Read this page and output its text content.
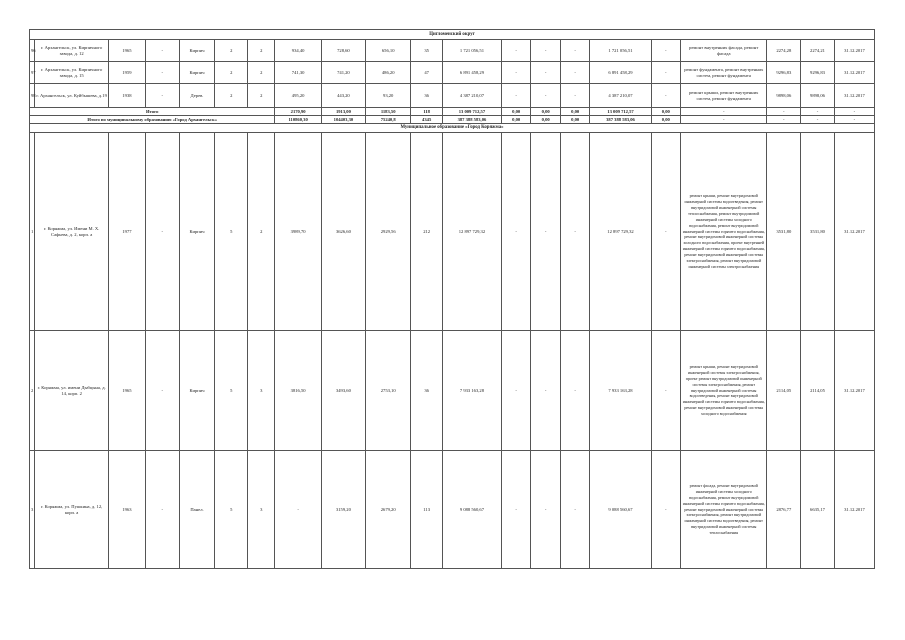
Цигломенский округ																				
96	г. Архангельск, ул. Кирпичного завода, д. 12	1965	-	Кирпич	2	2	934,40	728,60	656,10	35	1 721 056,51	-	-	-	1 721 056,51	-	ремонт внутренних фасада, ремонт фасада	2274,28	2274,21	31.12.2017
97	г. Архангельск, ул. Кирпичного завода, д. 15	1959	-	Кирпич	2	2	741,30	741,20	486,20	47	6 891 458,29	-	-	-	6 891 458,29	-	ремонт фундамента, ремонт внутренних систем, ремонт фундамента	9296,83	9296,83	31.12.2017
98	г. Архангельск, ул. Куйбышева, д.19	1938	-	Дерев.	2	2	495,20	443,20	93,20	36	4 387 210,07	-	-	-	4 387 210,07	-	ремонт крыши, ремонт внутренних систем, ремонт фундамента	9898,06	9898,06	31.12.2017
Итого							2170,90	1913,00	1183,50	118	13 009 712,57	0,00	0,00	0,00	13 009 712,57	0,00	-	-	-	-
Итого по муниципальному образованию «Город Архангельск»							110860,30	104403,30	75240,8	4345	387 388 583,06	0,00	0,00	0,00	387 388 583,06	0,00	-	-	-	-
Муниципальное образование «Город Коряжма»																				
1	г. Коряжма, ул. Имени М. Х. Сафьева, д. 2, корп. а	1977	-	Кирпич	5	2	3989,70	3626,60	2929,56	212	12 897 729,32	-	-	-	12 897 729,32	-	ремонт крыши, ремонт внутридомовой инженерной системы водоотведения, ремонт внутридомовой инженерной системы теплоснабжения, ремонт внутридомовой инженерной системы холодного водоснабжения, ремонт внутридомовой инженерной системы горячего водоснабжения, ремонт внутридомовой инженерной системы холодного водоснабжения, проект внутренней инженерной системы горячего водоснабжения, ремонт внутридомовой инженерной системы электроснабжения, ремонт внутридомовой инженерной системы электроснабжения	3531,80	3531,80	31.12.2017
2	г. Коряжма, ул. имени Дыбцына, д. 14, корп. 2	1965	-	Кирпич	5	3	3816,50	3493,60	2753,10	36	7 933 163,28	-	-	-	7 933 163,28	-	ремонт крыши, ремонт внутридомовой инженерной системы электроснабжения, проект ремонт внутридомовой инженерной системы электроснабжения, ремонт внутридомовой инженерной системы водоотведения, ремонт внутридомовой инженерной системы горячего водоснабжения, ремонт внутридомовой инженерной системы холодного водоснабжения	2114,05	2114,05	31.12.2017
3	г. Коряжма, ул. Пушкина, д. 12, корп. а	1963	-	Панел.	5	3	-	3159,20	2679,20	113	9 088 560,67	-	-	-	9 088 560,67	-	ремонт фасада, ремонт внутридомовой инженерной системы холодного водоснабжения, ремонт внутридомовой инженерной системы горячего водоснабжения, ремонт внутридомовой инженерной системы электроснабжения, ремонт внутридомовой инженерной системы водоотведения, ремонт внутридомовой инженерной системы теплоснабжения	2876,77	6635,17	31.12.2017
